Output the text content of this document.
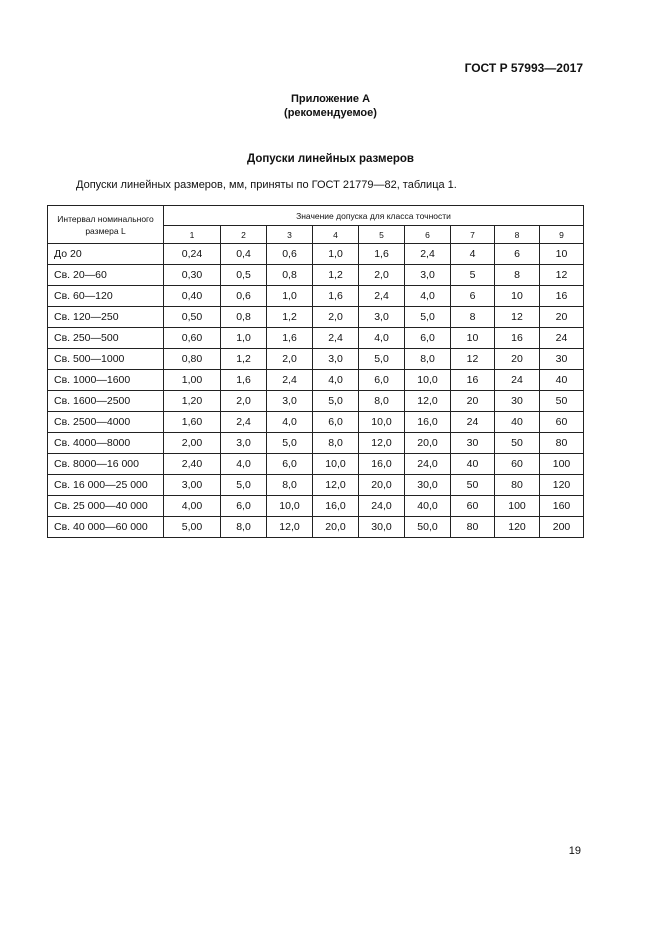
ГОСТ Р 57993—2017
Приложение А
(рекомендуемое)
Допуски линейных размеров
Допуски линейных размеров, мм, приняты по ГОСТ 21779—82, таблица 1.
Интервал номинального
размера L	Значение допуска для класса точности								
	1	2	3	4	5	6	7	8	9
До 20	0,24	0,4	0,6	1,0	1,6	2,4	4	6	10
Св. 20—60	0,30	0,5	0,8	1,2	2,0	3,0	5	8	12
Св. 60—120	0,40	0,6	1,0	1,6	2,4	4,0	6	10	16
Св. 120—250	0,50	0,8	1,2	2,0	3,0	5,0	8	12	20
Св. 250—500	0,60	1,0	1,6	2,4	4,0	6,0	10	16	24
Св. 500—1000	0,80	1,2	2,0	3,0	5,0	8,0	12	20	30
Св. 1000—1600	1,00	1,6	2,4	4,0	6,0	10,0	16	24	40
Св. 1600—2500	1,20	2,0	3,0	5,0	8,0	12,0	20	30	50
Св. 2500—4000	1,60	2,4	4,0	6,0	10,0	16,0	24	40	60
Св. 4000—8000	2,00	3,0	5,0	8,0	12,0	20,0	30	50	80
Св. 8000—16 000	2,40	4,0	6,0	10,0	16,0	24,0	40	60	100
Св. 16 000—25 000	3,00	5,0	8,0	12,0	20,0	30,0	50	80	120
Св. 25 000—40 000	4,00	6,0	10,0	16,0	24,0	40,0	60	100	160
Св. 40 000—60 000	5,00	8,0	12,0	20,0	30,0	50,0	80	120	200
19
